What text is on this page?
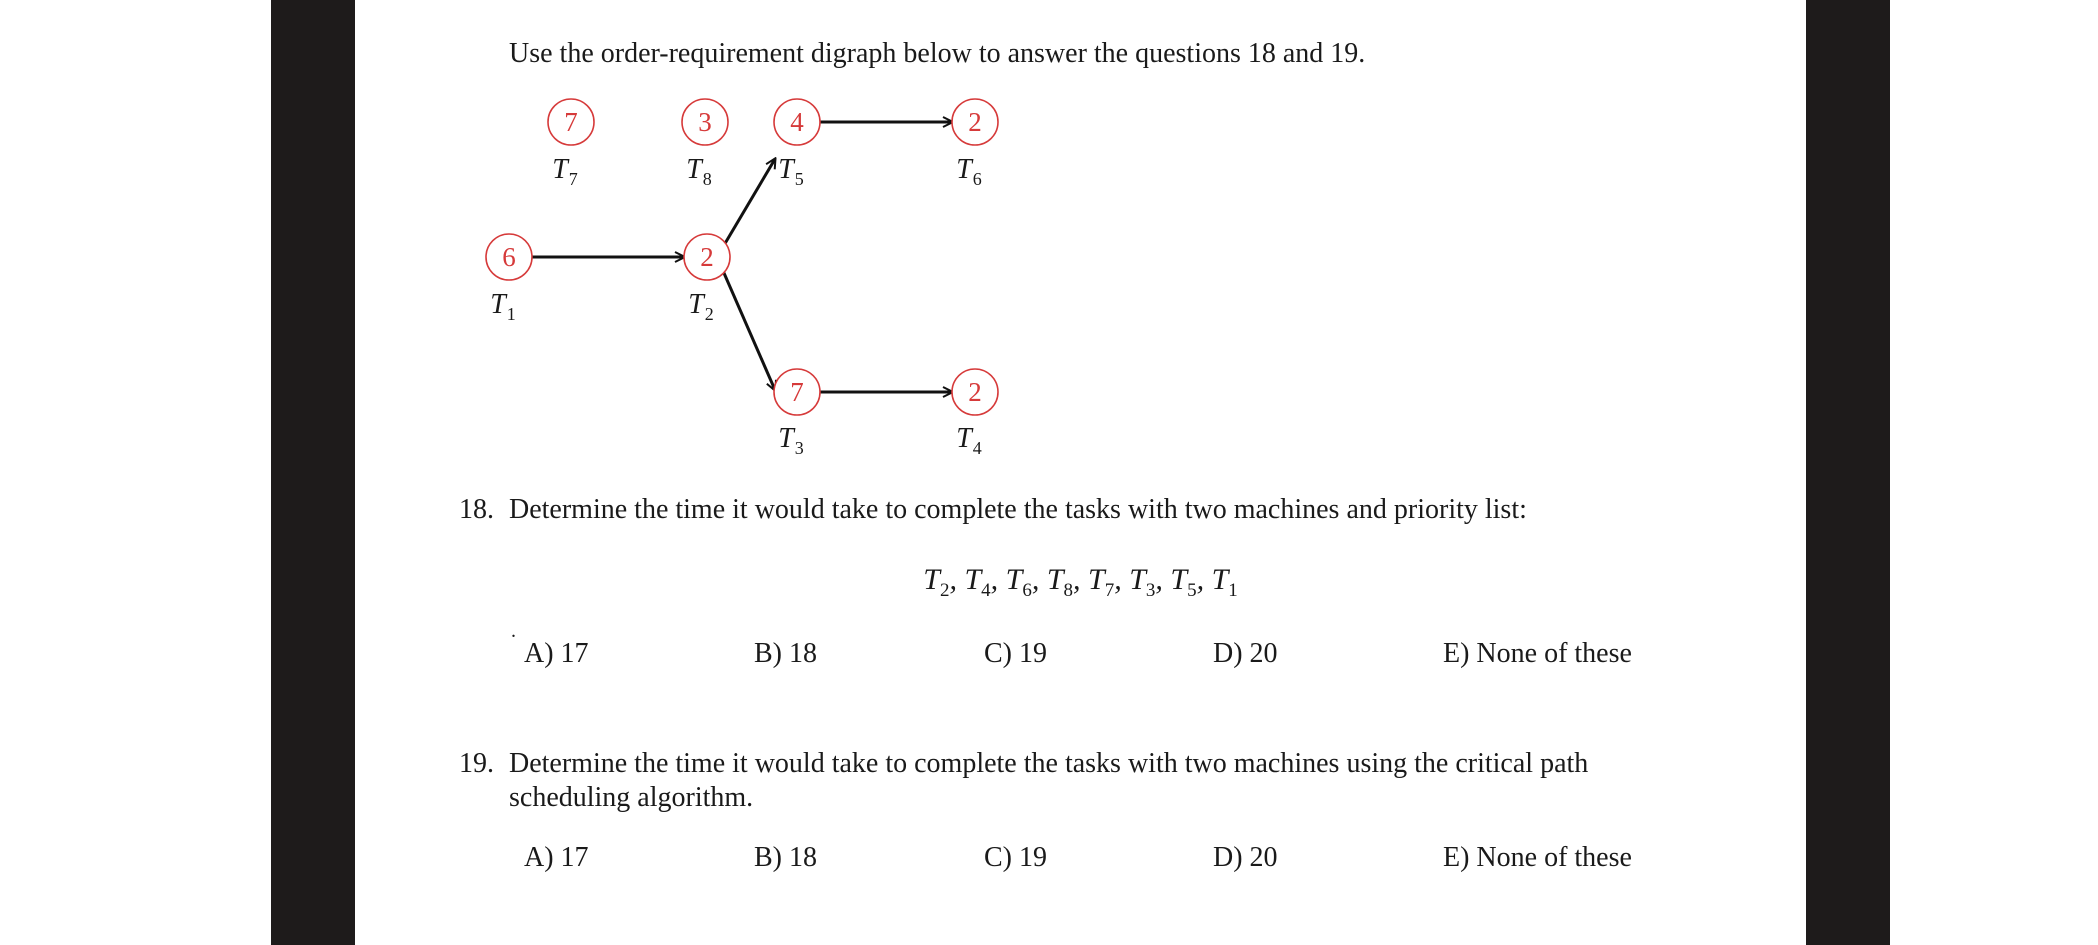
Use the order-requirement digraph below to answer the questions 18 and 19.
7
$T_7$
3
$T_8$
4
$T_5$
2
$T_6$
6
$T_1$
2
$T_2$
7
$T_3$
2
$T_4$
18. Determine the time it would take to complete the tasks with two machines and priority list:
$T_2$, $T_4$, $T_6$, $T_8$, $T_7$, $T_3$, $T_5$, $T_1$
.
A) 17	B) 18	C) 19	D) 20	E) None of these
19. Determine the time it would take to complete the tasks with two machines using the critical path
scheduling algorithm.
A) 17	B) 18	C) 19	D) 20	E) None of these
